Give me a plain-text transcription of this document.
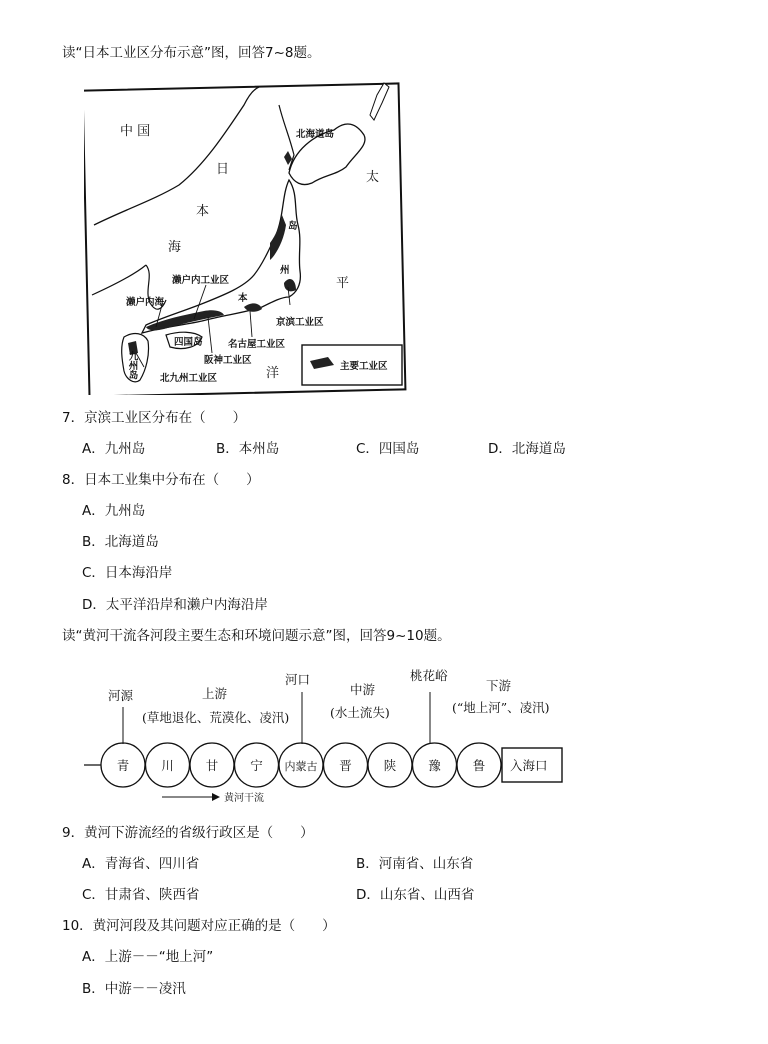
读“日本工业区分布示意”图，回答7~8题。
中 国
日
本
海
太
平
洋
北海道岛
岛
州
本
濑户内工业区
濑户内海
京滨工业区
名古屋工业区
四国岛
阪神工业区
北九州工业区
九州岛	主要工业区
7．京滨工业区分布在（　　）
A．九州岛	B．本州岛	C．四国岛	D．北海道岛
8．日本工业集中分布在（　　）
A．九州岛
B．北海道岛
C．日本海沿岸
D．太平洋沿岸和濑户内海沿岸
读“黄河干流各河段主要生态和环境问题示意”图，回答9~10题。
青	川	甘	宁 内蒙古 晋	陕	豫	鲁 入海口
河源	上游
(草地退化、荒漠化、凌汛)
河口
中游
(水土流失)
桃花峪
下游
(“地上河”、凌汛)
黄河干流
9．黄河下游流经的省级行政区是（　　）
A．青海省、四川省	B．河南省、山东省
C．甘肃省、陕西省	D．山东省、山西省
10．黄河河段及其问题对应正确的是（　　）
A．上游－－“地上河”
B．中游－－凌汛
